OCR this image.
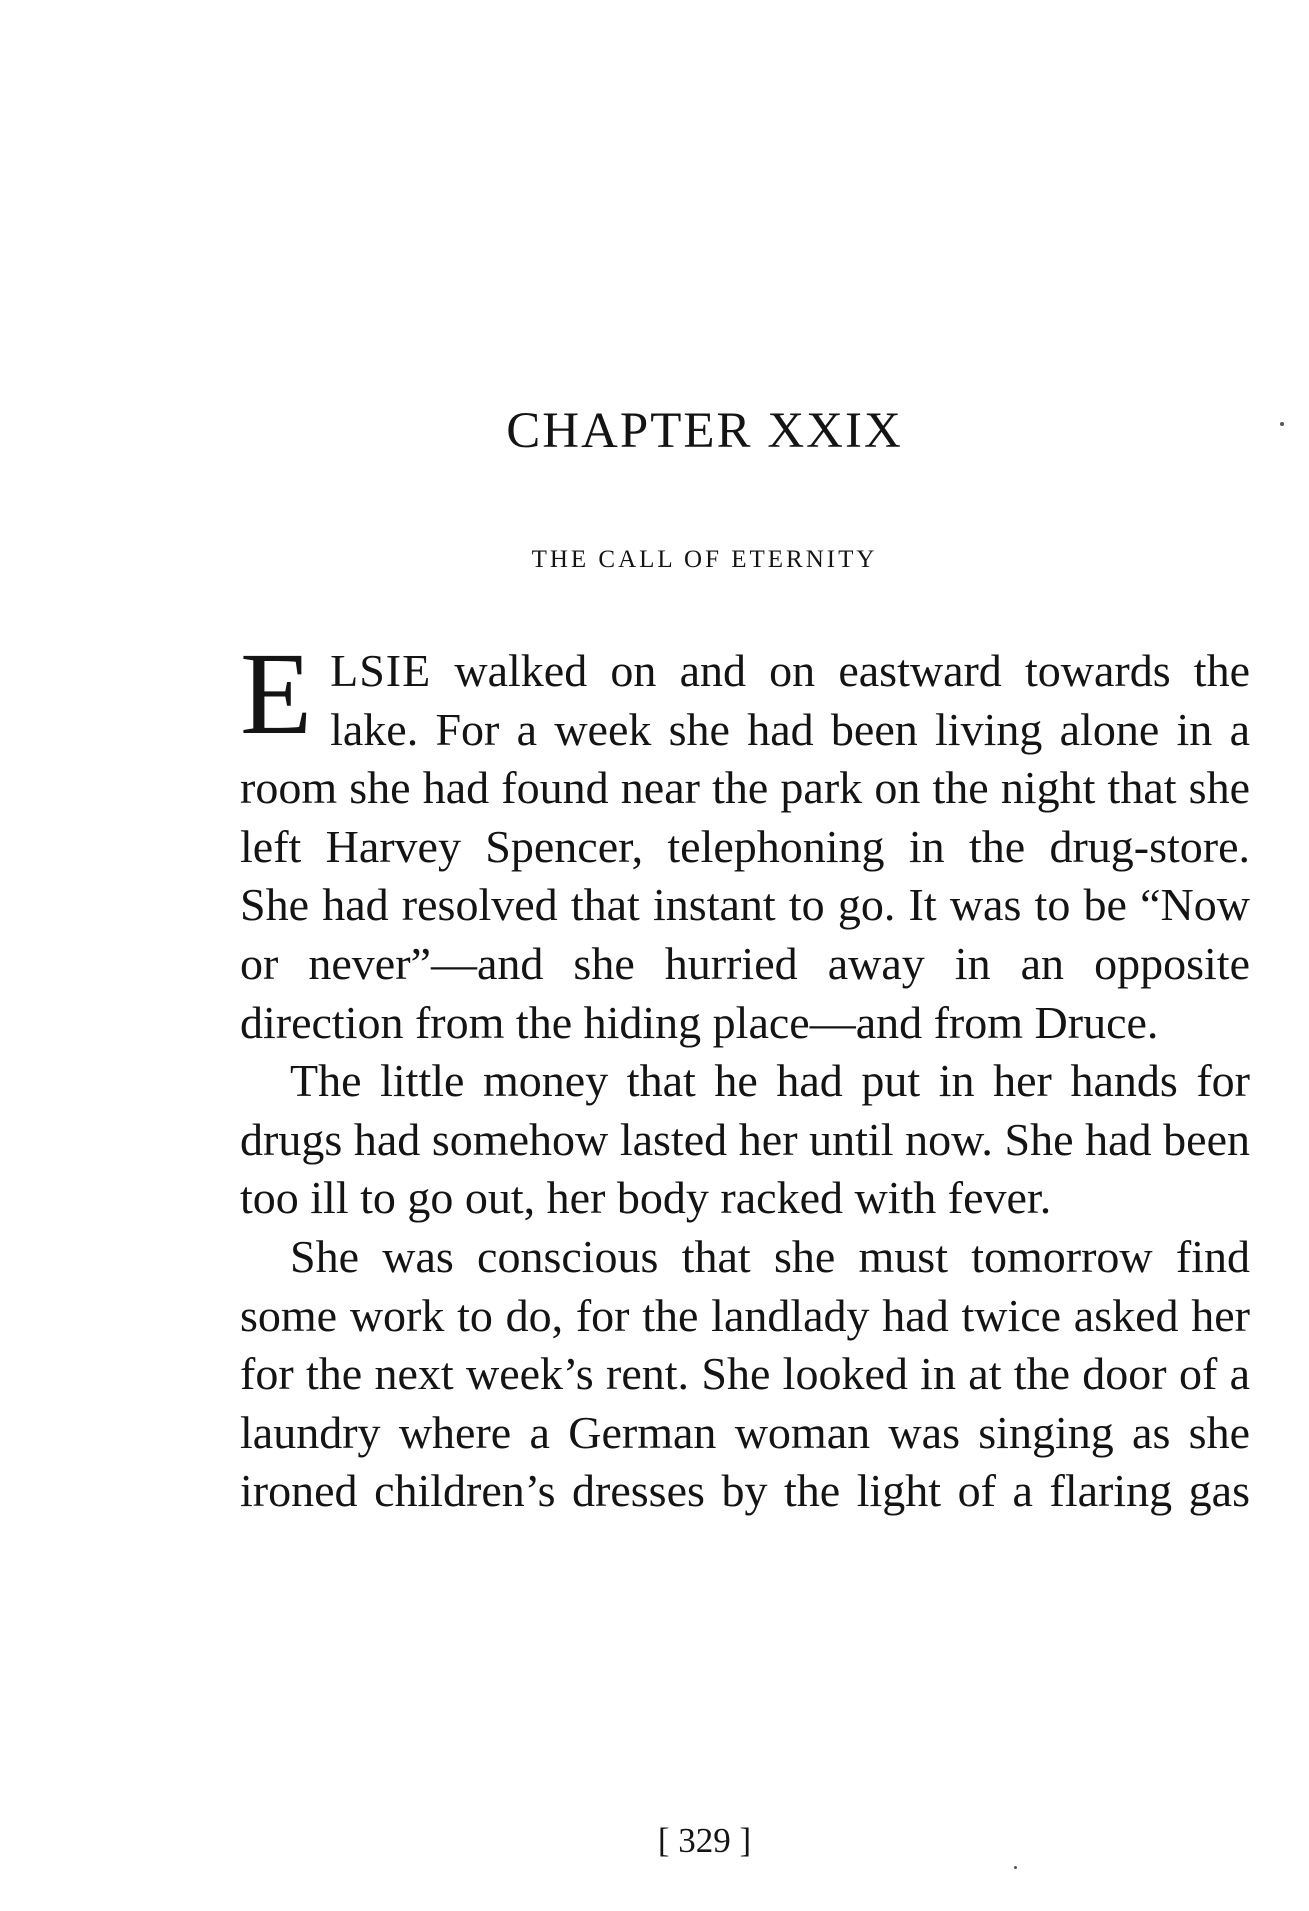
CHAPTER XXIX
THE CALL OF ETERNITY

ELSIE walked on and on eastward towards the lake. For a week she had been living alone in a room she had found near the park on the night that she left Harvey Spencer, telephoning in the drug-store. She had resolved that instant to go. It was to be “Now or never”—and she hurried away in an opposite direction from the hiding place—and from Druce.

The little money that he had put in her hands for drugs had somehow lasted her until now. She had been too ill to go out, her body racked with fever.

She was conscious that she must tomorrow find some work to do, for the landlady had twice asked her for the next week’s rent. She looked in at the door of a laundry where a German woman was singing as she ironed children’s dresses by the light of a flaring gas

[ 329 ]
